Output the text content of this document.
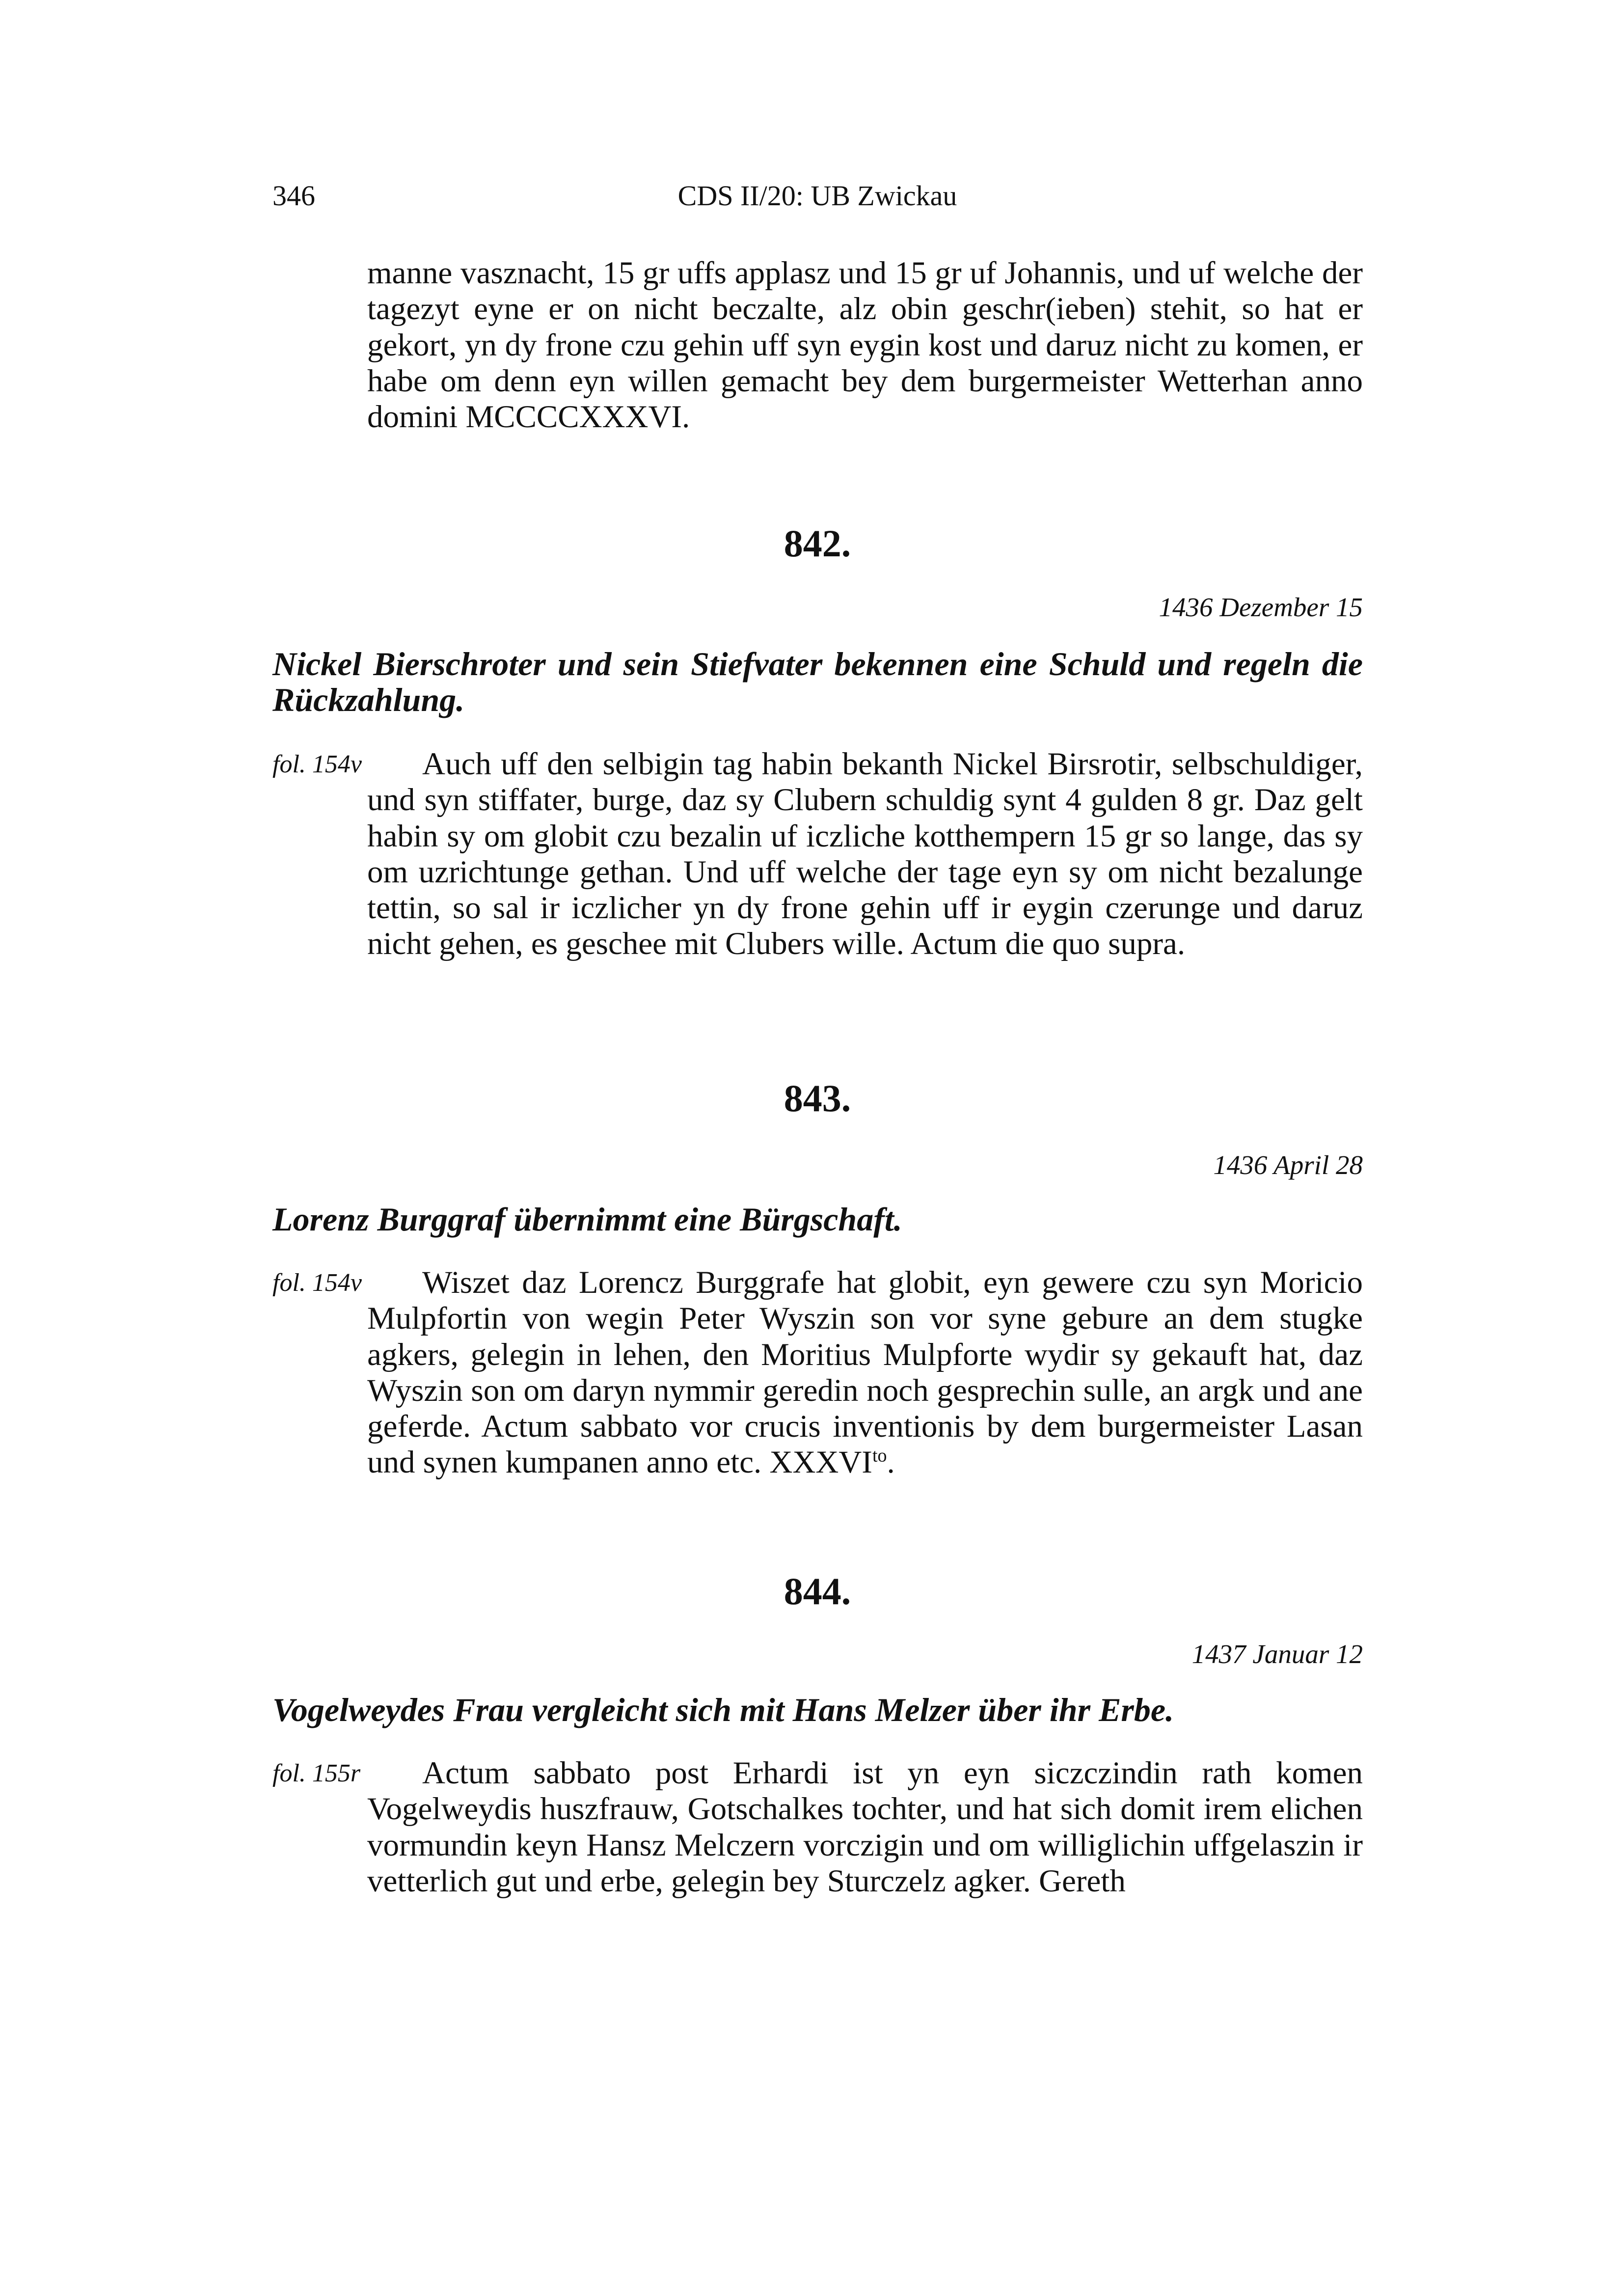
346	CDS II/20: UB Zwickau

manne vasznacht, 15 gr uffs applasz und 15 gr uf Johannis, und uf welche der tagezyt eyne er on nicht beczalte, alz obin geschr(ieben) stehit, so hat er gekort, yn dy frone czu gehin uff syn eygin kost und daruz nicht zu komen, er habe om denn eyn willen gemacht bey dem burgermeister Wetterhan anno domini MCCCCXXXVI.

842.
1436 Dezember 15

Nickel Bierschroter und sein Stiefvater bekennen eine Schuld und regeln die Rückzahlung.

fol. 154v	Auch uff den selbigin tag habin bekanth Nickel Birsrotir, selbschuldiger, und syn stiffater, burge, daz sy Clubern schuldig synt 4 gulden 8 gr. Daz gelt habin sy om globit czu bezalin uf iczliche kotthempern 15 gr so lange, das sy om uzrichtunge gethan. Und uff welche der tage eyn sy om nicht bezalunge tettin, so sal ir iczlicher yn dy frone gehin uff ir eygin czerunge und daruz nicht gehen, es geschee mit Clubers wille. Actum die quo supra.

843.
1436 April 28

Lorenz Burggraf übernimmt eine Bürgschaft.

fol. 154v	Wiszet daz Lorencz Burggrafe hat globit, eyn gewere czu syn Moricio Mulpfortin von wegin Peter Wyszin son vor syne gebure an dem stugke agkers, gelegin in lehen, den Moritius Mulpforte wydir sy gekauft hat, daz Wyszin son om daryn nymmir geredin noch gesprechin sulle, an argk und ane geferde. Actum sabbato vor crucis inventionis by dem burgermeister Lasan und synen kumpanen anno etc. $XXXVI^{to}$.

844.
1437 Januar 12

Vogelweydes Frau vergleicht sich mit Hans Melzer über ihr Erbe.

fol. 155r	Actum sabbato post Erhardi ist yn eyn siczczindin rath komen Vogelweydis huszfrauw, Gotschalkes tochter, und hat sich domit irem elichen vormundin keyn Hansz Melczern vorczigin und om williglichin uffgelaszin ir vetterlich gut und erbe, gelegin bey Sturczelz agker. Gereth
